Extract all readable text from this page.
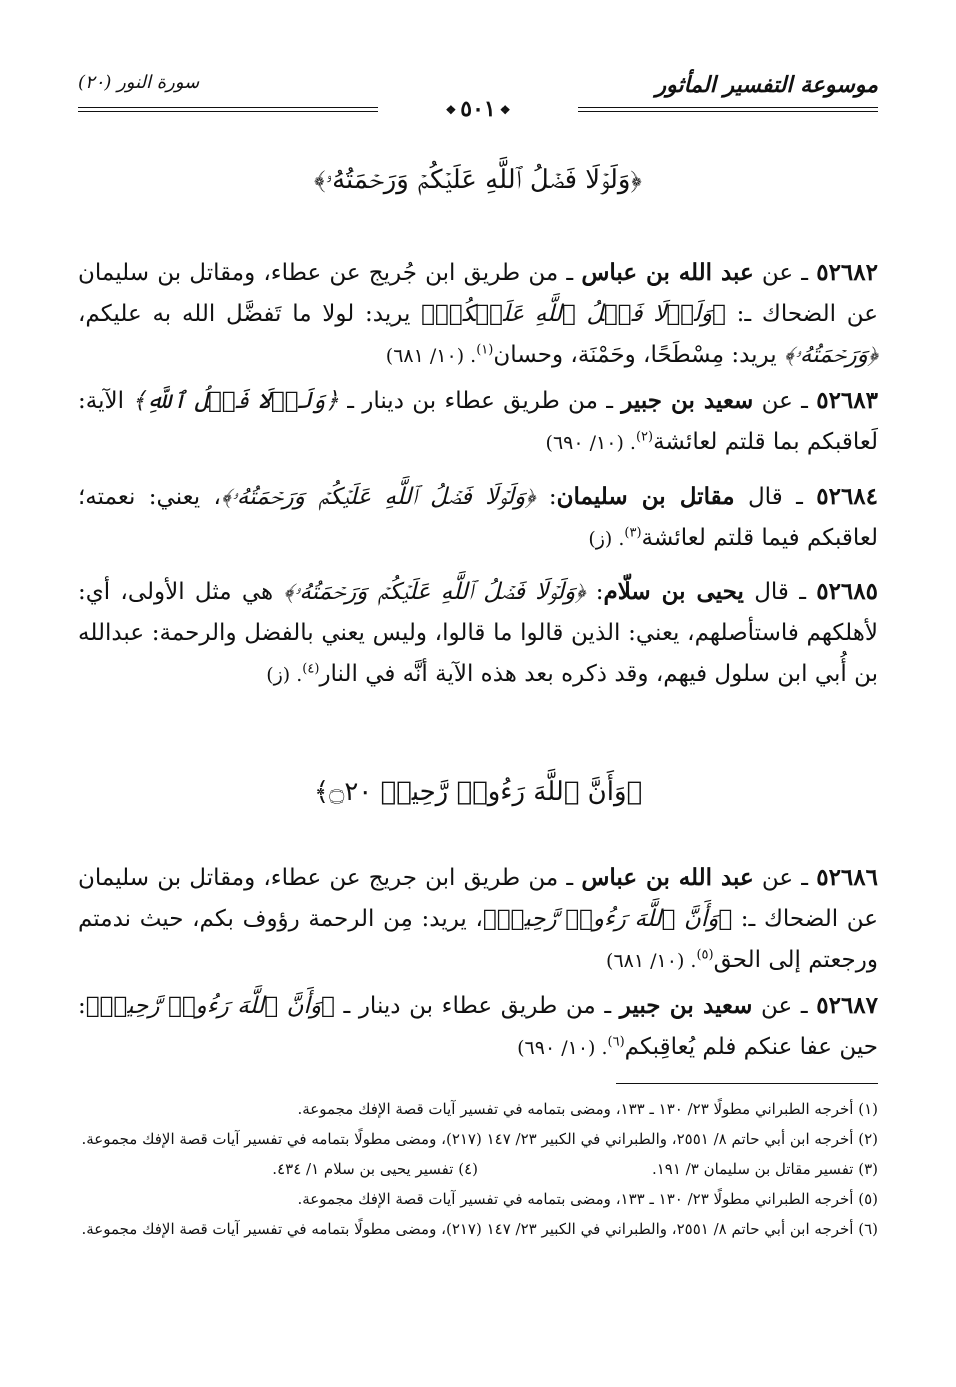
موسوعة التفسير المأثور
سورة النور (٢٠)
❖٥٠١❖
﴿وَلَوۡلَا فَضۡلُ ٱللَّهِ عَلَيۡكُمۡ وَرَحۡمَتُهُۥ﴾
٥٢٦٨٢ ـ عن عبد الله بن عباس ـ من طريق ابن جُريج عن عطاء، ومقاتل بن سليمان عن الضحاك ـ: ﴿وَلَوۡلَا فَضۡلُ ٱللَّهِ عَلَيۡكُمۡ﴾ يريد: لولا ما تَفضَّل الله به عليكم، ﴿وَرَحۡمَتُهُۥ﴾ يريد: مِسْطَحًا، وحَمْنَة، وحسان$^{(١)}$. (١٠/ ٦٨١)
٥٢٦٨٣ ـ عن سعيد بن جبير ـ من طريق عطاء بن دينار ـ ﴿وَلَوۡلَا فَضۡلُ ٱللَّهِ﴾ الآية: لَعاقبكم بما قلتم لعائشة$^{(٢)}$. (١٠/ ٦٩٠)
٥٢٦٨٤ ـ قال مقاتل بن سليمان: ﴿وَلَوۡلَا فَضۡلُ ٱللَّهِ عَلَيۡكُمۡ وَرَحۡمَتُهُۥ﴾، يعني: نعمته؛ لعاقبكم فيما قلتم لعائشة$^{(٣)}$. (ز)
٥٢٦٨٥ ـ قال يحيى بن سلّام: ﴿وَلَوۡلَا فَضۡلُ ٱللَّهِ عَلَيۡكُمۡ وَرَحۡمَتُهُۥ﴾ هي مثل الأولى، أي: لأهلكهم فاستأصلهم، يعني: الذين قالوا ما قالوا، وليس يعني بالفضل والرحمة: عبدالله بن أُبي ابن سلول فيهم، وقد ذكره بعد هذه الآية أنَّه في النار$^{(٤)}$. (ز)
﴿وَأَنَّ ٱللَّهَ رَءُوفٞ رَّحِيمٞ ۝٢٠﴾
٥٢٦٨٦ ـ عن عبد الله بن عباس ـ من طريق ابن جريج عن عطاء، ومقاتل بن سليمان عن الضحاك ـ: ﴿وَأَنَّ ٱللَّهَ رَءُوفٞ رَّحِيمٞ﴾، يريد: مِن الرحمة رؤوف بكم، حيث ندمتم ورجعتم إلى الحق$^{(٥)}$. (١٠/ ٦٨١)
٥٢٦٨٧ ـ عن سعيد بن جبير ـ من طريق عطاء بن دينار ـ ﴿وَأَنَّ ٱللَّهَ رَءُوفٞ رَّحِيمٞ﴾: حين عفا عنكم فلم يُعاقِبكم$^{(٦)}$. (١٠/ ٦٩٠)
(١) أخرجه الطبراني مطولًا ٢٣/ ١٣٠ ـ ١٣٣، ومضى بتمامه في تفسير آيات قصة الإفك مجموعة.
(٢) أخرجه ابن أبي حاتم ٨/ ٢٥٥١، والطبراني في الكبير ٢٣/ ١٤٧ (٢١٧)، ومضى مطولًا بتمامه في تفسير آيات قصة الإفك مجموعة.
(٣) تفسير مقاتل بن سليمان ٣/ ١٩١.
(٤) تفسير يحيى بن سلام ١/ ٤٣٤.
(٥) أخرجه الطبراني مطولًا ٢٣/ ١٣٠ ـ ١٣٣، ومضى بتمامه في تفسير آيات قصة الإفك مجموعة.
(٦) أخرجه ابن أبي حاتم ٨/ ٢٥٥١، والطبراني في الكبير ٢٣/ ١٤٧ (٢١٧)، ومضى مطولًا بتمامه في تفسير آيات قصة الإفك مجموعة.
